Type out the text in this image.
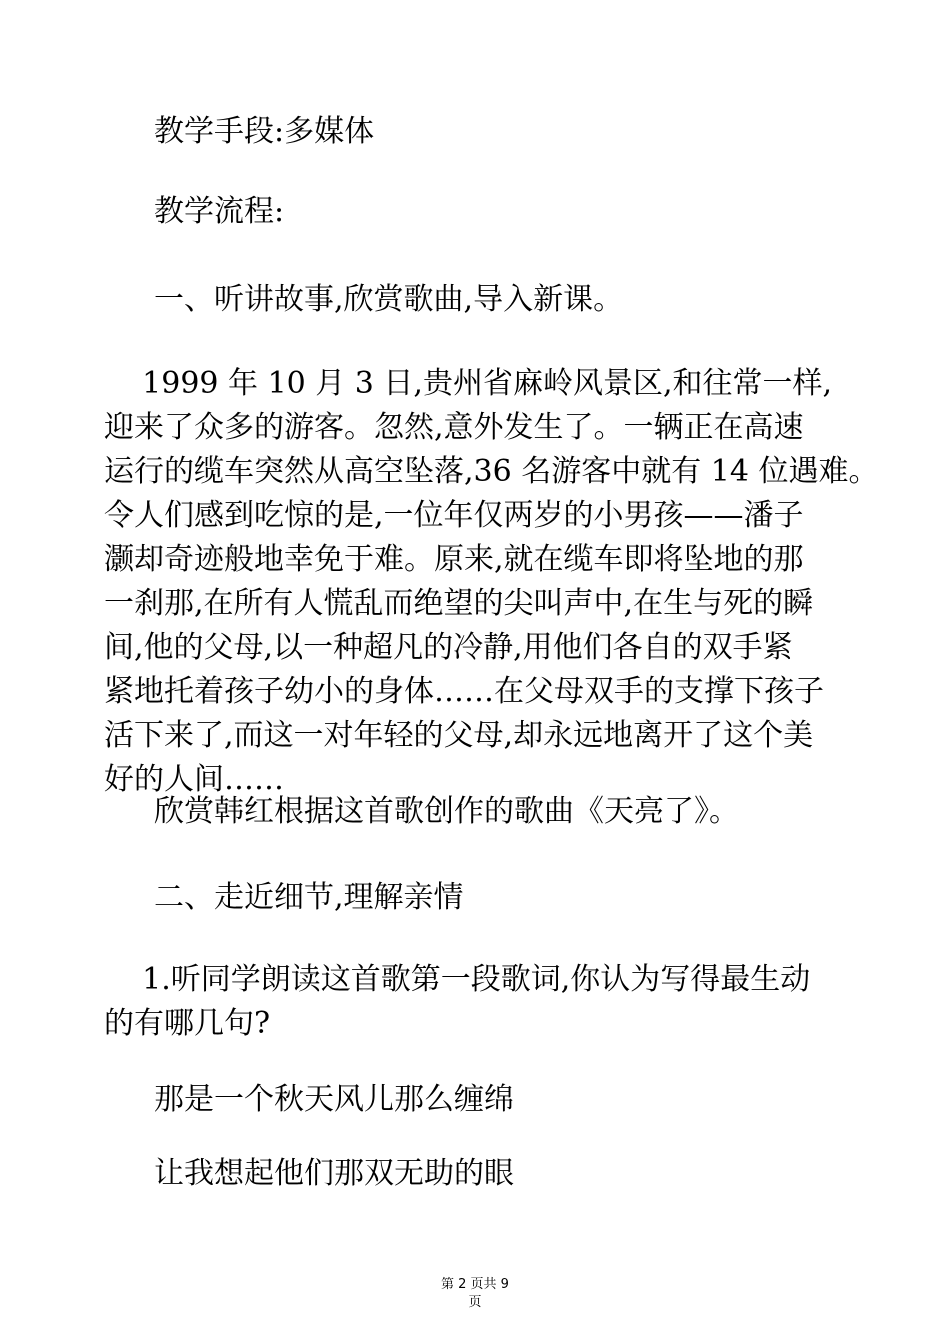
教学手段:多媒体
教学流程:
一、听讲故事,欣赏歌曲,导入新课。
1999 年 10 月 3 日,贵州省麻岭风景区,和往常一样,
迎来了众多的游客。忽然,意外发生了。一辆正在高速
运行的缆车突然从高空坠落,36 名游客中就有 14 位遇难。
令人们感到吃惊的是,一位年仅两岁的小男孩——潘子
灏却奇迹般地幸免于难。原来,就在缆车即将坠地的那
一刹那,在所有人慌乱而绝望的尖叫声中,在生与死的瞬
间,他的父母,以一种超凡的冷静,用他们各自的双手紧
紧地托着孩子幼小的身体……在父母双手的支撑下孩子
活下来了,而这一对年轻的父母,却永远地离开了这个美
好的人间……
欣赏韩红根据这首歌创作的歌曲《天亮了》。
二、走近细节,理解亲情
1.听同学朗读这首歌第一段歌词,你认为写得最生动
的有哪几句?
那是一个秋天风儿那么缠绵
让我想起他们那双无助的眼
第 2 页共 9
页
